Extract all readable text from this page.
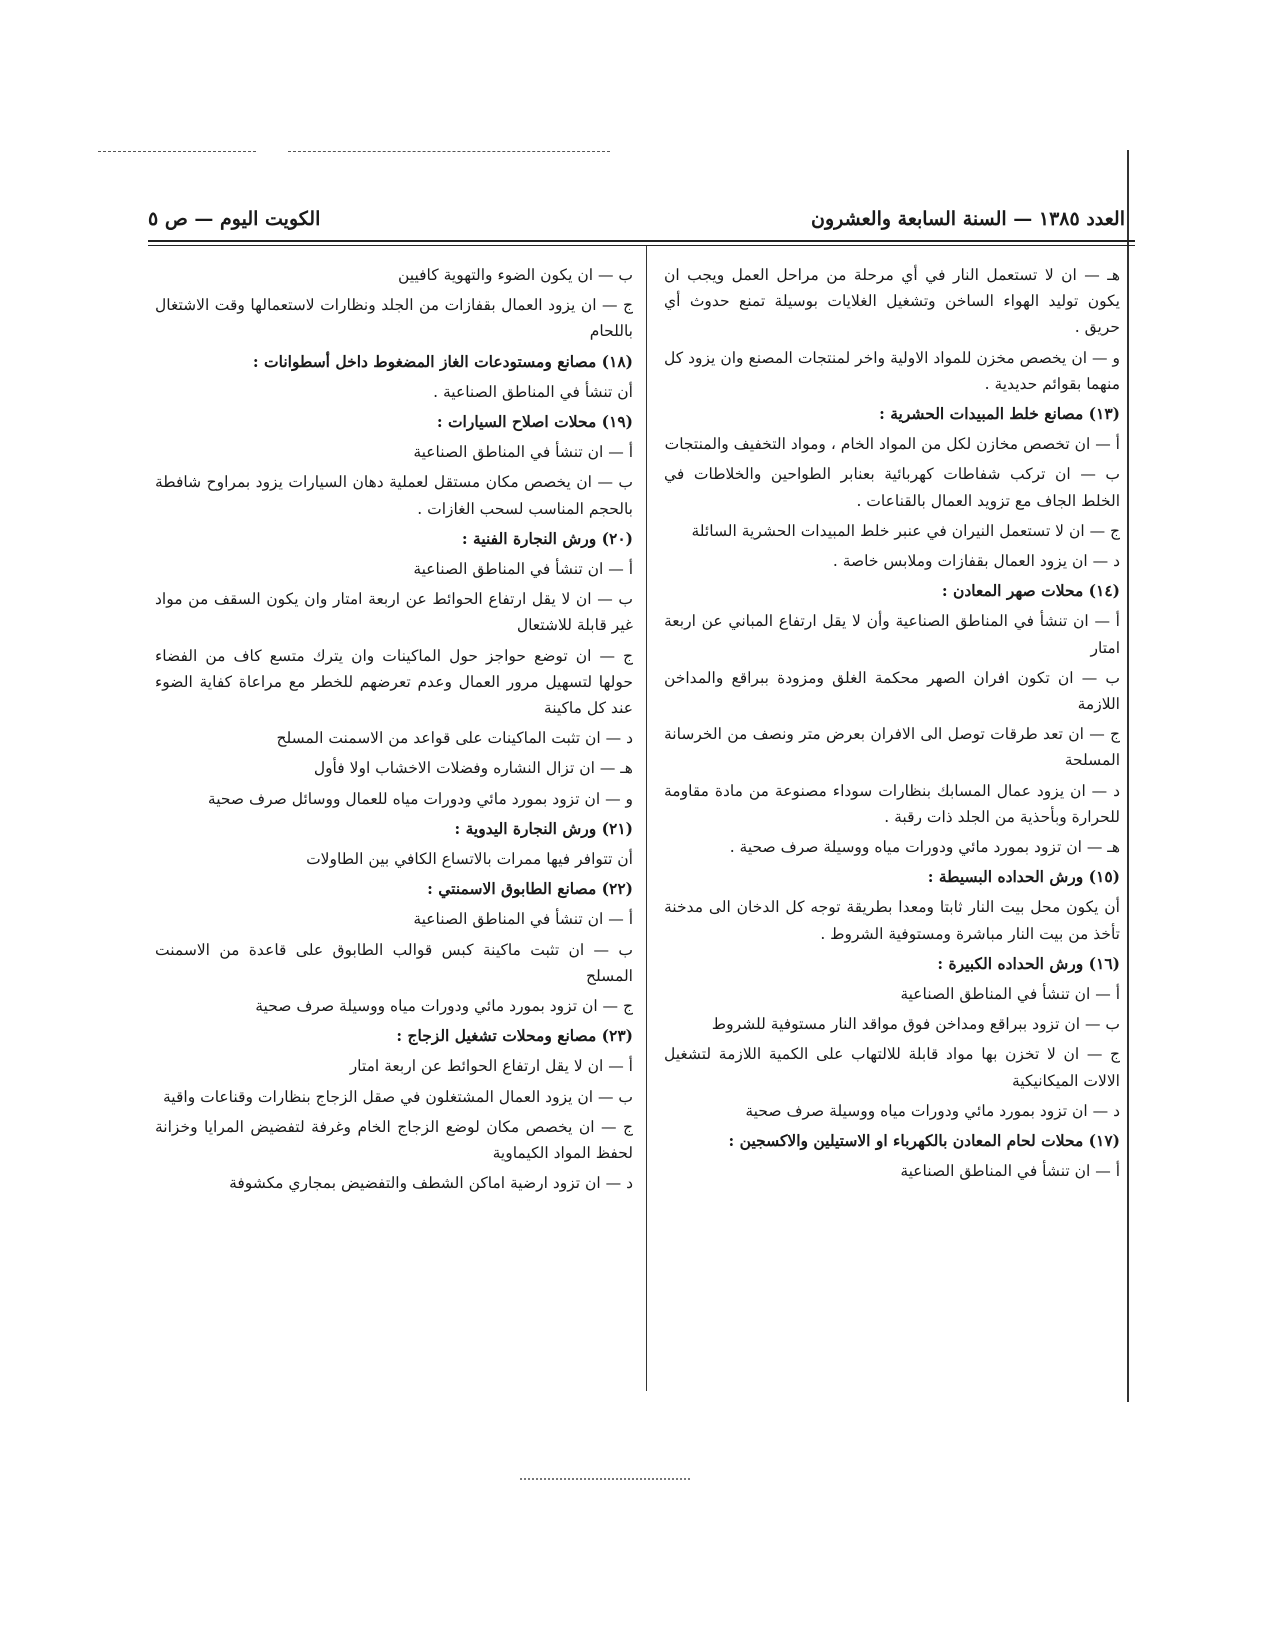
العدد ١٣٨٥ — السنة السابعة والعشرون
الكويت اليوم — ص ٥

هـ — ان لا تستعمل النار في أي مرحلة من مراحل العمل ويجب ان يكون توليد الهواء الساخن وتشغيل الغلايات بوسيلة تمنع حدوث أي حريق .

و — ان يخصص مخزن للمواد الاولية واخر لمنتجات المصنع وان يزود كل منهما بقوائم حديدية .

(١٣) مصانع خلط المبيدات الحشرية :

أ — ان تخصص مخازن لكل من المواد الخام ، ومواد التخفيف والمنتجات

ب — ان تركب شفاطات كهربائية بعنابر الطواحين والخلاطات في الخلط الجاف مع تزويد العمال بالقناعات .

ج — ان لا تستعمل النيران في عنبر خلط المبيدات الحشرية السائلة

د — ان يزود العمال بقفازات وملابس خاصة .

(١٤) محلات صهر المعادن :

أ — ان تنشأ في المناطق الصناعية وأن لا يقل ارتفاع المباني عن اربعة امتار

ب — ان تكون افران الصهر محكمة الغلق ومزودة ببراقع والمداخن اللازمة

ج — ان تعد طرقات توصل الى الافران بعرض متر ونصف من الخرسانة المسلحة

د — ان يزود عمال المسابك بنظارات سوداء مصنوعة من مادة مقاومة للحرارة وبأحذية من الجلد ذات رقبة .

هـ — ان تزود بمورد مائي ودورات مياه ووسيلة صرف صحية .

(١٥) ورش الحداده البسيطة :

أن يكون محل بيت النار ثابتا ومعدا بطريقة توجه كل الدخان الى مدخنة تأخذ من بيت النار مباشرة ومستوفية الشروط .

(١٦) ورش الحداده الكبيرة :

أ — ان تنشأ في المناطق الصناعية

ب — ان تزود ببراقع ومداخن فوق مواقد النار مستوفية للشروط

ج — ان لا تخزن بها مواد قابلة للالتهاب على الكمية اللازمة لتشغيل الالات الميكانيكية

د — ان تزود بمورد مائي ودورات مياه ووسيلة صرف صحية

(١٧) محلات لحام المعادن بالكهرباء او الاستيلين والاكسجين :

أ — ان تنشأ في المناطق الصناعية

ب — ان يكون الضوء والتهوية كافيين

ج — ان يزود العمال بقفازات من الجلد ونظارات لاستعمالها وقت الاشتغال باللحام

(١٨) مصانع ومستودعات الغاز المضغوط داخل أسطوانات :

أن تنشأ في المناطق الصناعية .

(١٩) محلات اصلاح السيارات :

أ — ان تنشأ في المناطق الصناعية

ب — ان يخصص مكان مستقل لعملية دهان السيارات يزود بمراوح شافطة بالحجم المناسب لسحب الغازات .

(٢٠) ورش النجارة الفنية :

أ — ان تنشأ في المناطق الصناعية

ب — ان لا يقل ارتفاع الحوائط عن اربعة امتار وان يكون السقف من مواد غير قابلة للاشتعال

ج — ان توضع حواجز حول الماكينات وان يترك متسع كاف من الفضاء حولها لتسهيل مرور العمال وعدم تعرضهم للخطر مع مراعاة كفاية الضوء عند كل ماكينة

د — ان تثبت الماكينات على قواعد من الاسمنت المسلح

هـ — ان تزال النشاره وفضلات الاخشاب اولا فأول

و — ان تزود بمورد مائي ودورات مياه للعمال ووسائل صرف صحية

(٢١) ورش النجارة اليدوية :

أن تتوافر فيها ممرات بالاتساع الكافي بين الطاولات

(٢٢) مصانع الطابوق الاسمنتي :

أ — ان تنشأ في المناطق الصناعية

ب — ان تثبت ماكينة كبس قوالب الطابوق على قاعدة من الاسمنت المسلح

ج — ان تزود بمورد مائي ودورات مياه ووسيلة صرف صحية

(٢٣) مصانع ومحلات تشغيل الزجاج :

أ — ان لا يقل ارتفاع الحوائط عن اربعة امتار

ب — ان يزود العمال المشتغلون في صقل الزجاج بنظارات وقناعات واقية

ج — ان يخصص مكان لوضع الزجاج الخام وغرفة لتفضيض المرايا وخزانة لحفظ المواد الكيماوية

د — ان تزود ارضية اماكن الشطف والتفضيض بمجاري مكشوفة
